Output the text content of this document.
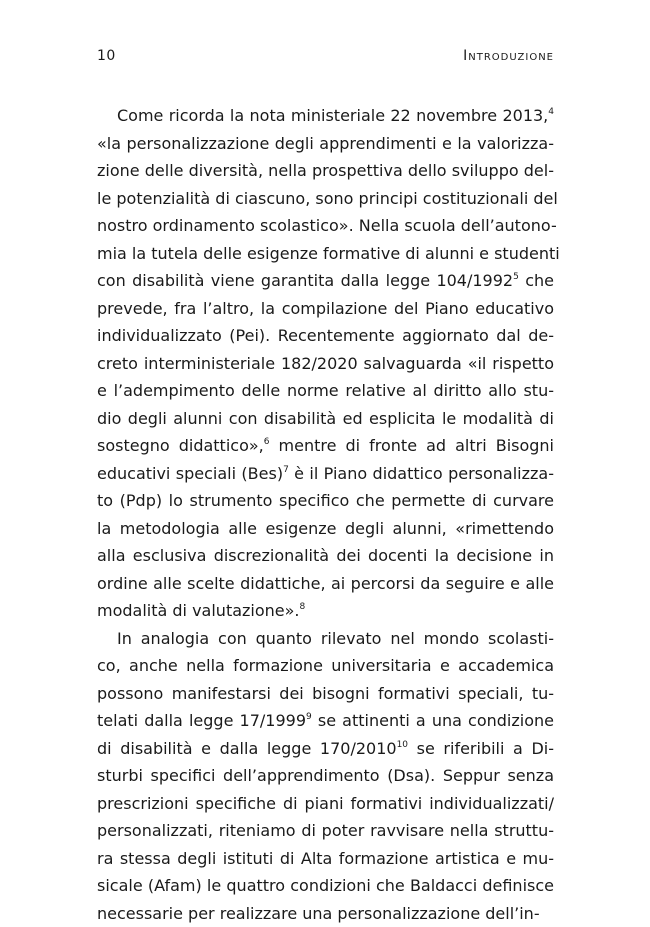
10	Introduzione
Come ricorda la nota ministeriale 22 novembre 2013,$^4$
«la personalizzazione degli apprendimenti e la valorizza-
zione delle diversità, nella prospettiva dello sviluppo del-
le potenzialità di ciascuno, sono principi costituzionali del
nostro ordinamento scolastico». Nella scuola dell’autono-
mia la tutela delle esigenze formative di alunni e studenti
con disabilità viene garantita dalla legge 104/1992$^5$ che
prevede, fra l’altro, la compilazione del Piano educativo
individualizzato (Pei). Recentemente aggiornato dal de-
creto interministeriale 182/2020 salvaguarda «il rispetto
e l’adempimento delle norme relative al diritto allo stu-
dio degli alunni con disabilità ed esplicita le modalità di
sostegno didattico»,$^6$ mentre di fronte ad altri Bisogni
educativi speciali (Bes)$^7$ è il Piano didattico personalizza-
to (Pdp) lo strumento specifico che permette di curvare
la metodologia alle esigenze degli alunni, «rimettendo
alla esclusiva discrezionalità dei docenti la decisione in
ordine alle scelte didattiche, ai percorsi da seguire e alle
modalità di valutazione».$^8$
In analogia con quanto rilevato nel mondo scolasti-
co, anche nella formazione universitaria e accademica
possono manifestarsi dei bisogni formativi speciali, tu-
telati dalla legge 17/1999$^9$ se attinenti a una condizione
di disabilità e dalla legge 170/2010$^{10}$ se riferibili a Di-
sturbi specifici dell’apprendimento (Dsa). Seppur senza
prescrizioni specifiche di piani formativi individualizzati/
personalizzati, riteniamo di poter ravvisare nella struttu-
ra stessa degli istituti di Alta formazione artistica e mu-
sicale (Afam) le quattro condizioni che Baldacci definisce
necessarie per realizzare una personalizzazione dell’in-
